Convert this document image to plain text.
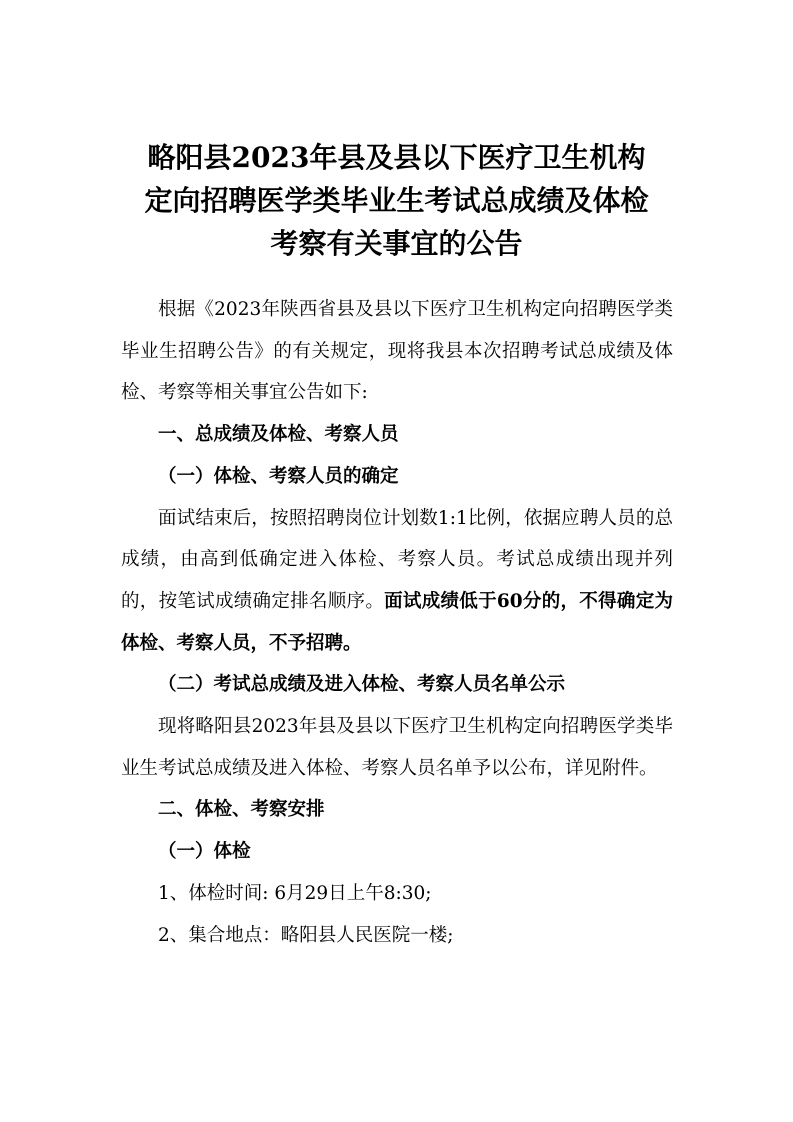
略阳县2023年县及县以下医疗卫生机构
定向招聘医学类毕业生考试总成绩及体检
考察有关事宜的公告

根据《2023年陕西省县及县以下医疗卫生机构定向招聘医学类毕业生招聘公告》的有关规定，现将我县本次招聘考试总成绩及体检、考察等相关事宜公告如下:

一、总成绩及体检、考察人员

（一）体检、考察人员的确定

面试结束后，按照招聘岗位计划数1:1比例，依据应聘人员的总成绩，由高到低确定进入体检、考察人员。考试总成绩出现并列的，按笔试成绩确定排名顺序。面试成绩低于60分的，不得确定为体检、考察人员，不予招聘。

（二）考试总成绩及进入体检、考察人员名单公示

现将略阳县2023年县及县以下医疗卫生机构定向招聘医学类毕业生考试总成绩及进入体检、考察人员名单予以公布，详见附件。

二、体检、考察安排

（一）体检

1、体检时间: 6月29日上午8:30;

2、集合地点：略阳县人民医院一楼;
